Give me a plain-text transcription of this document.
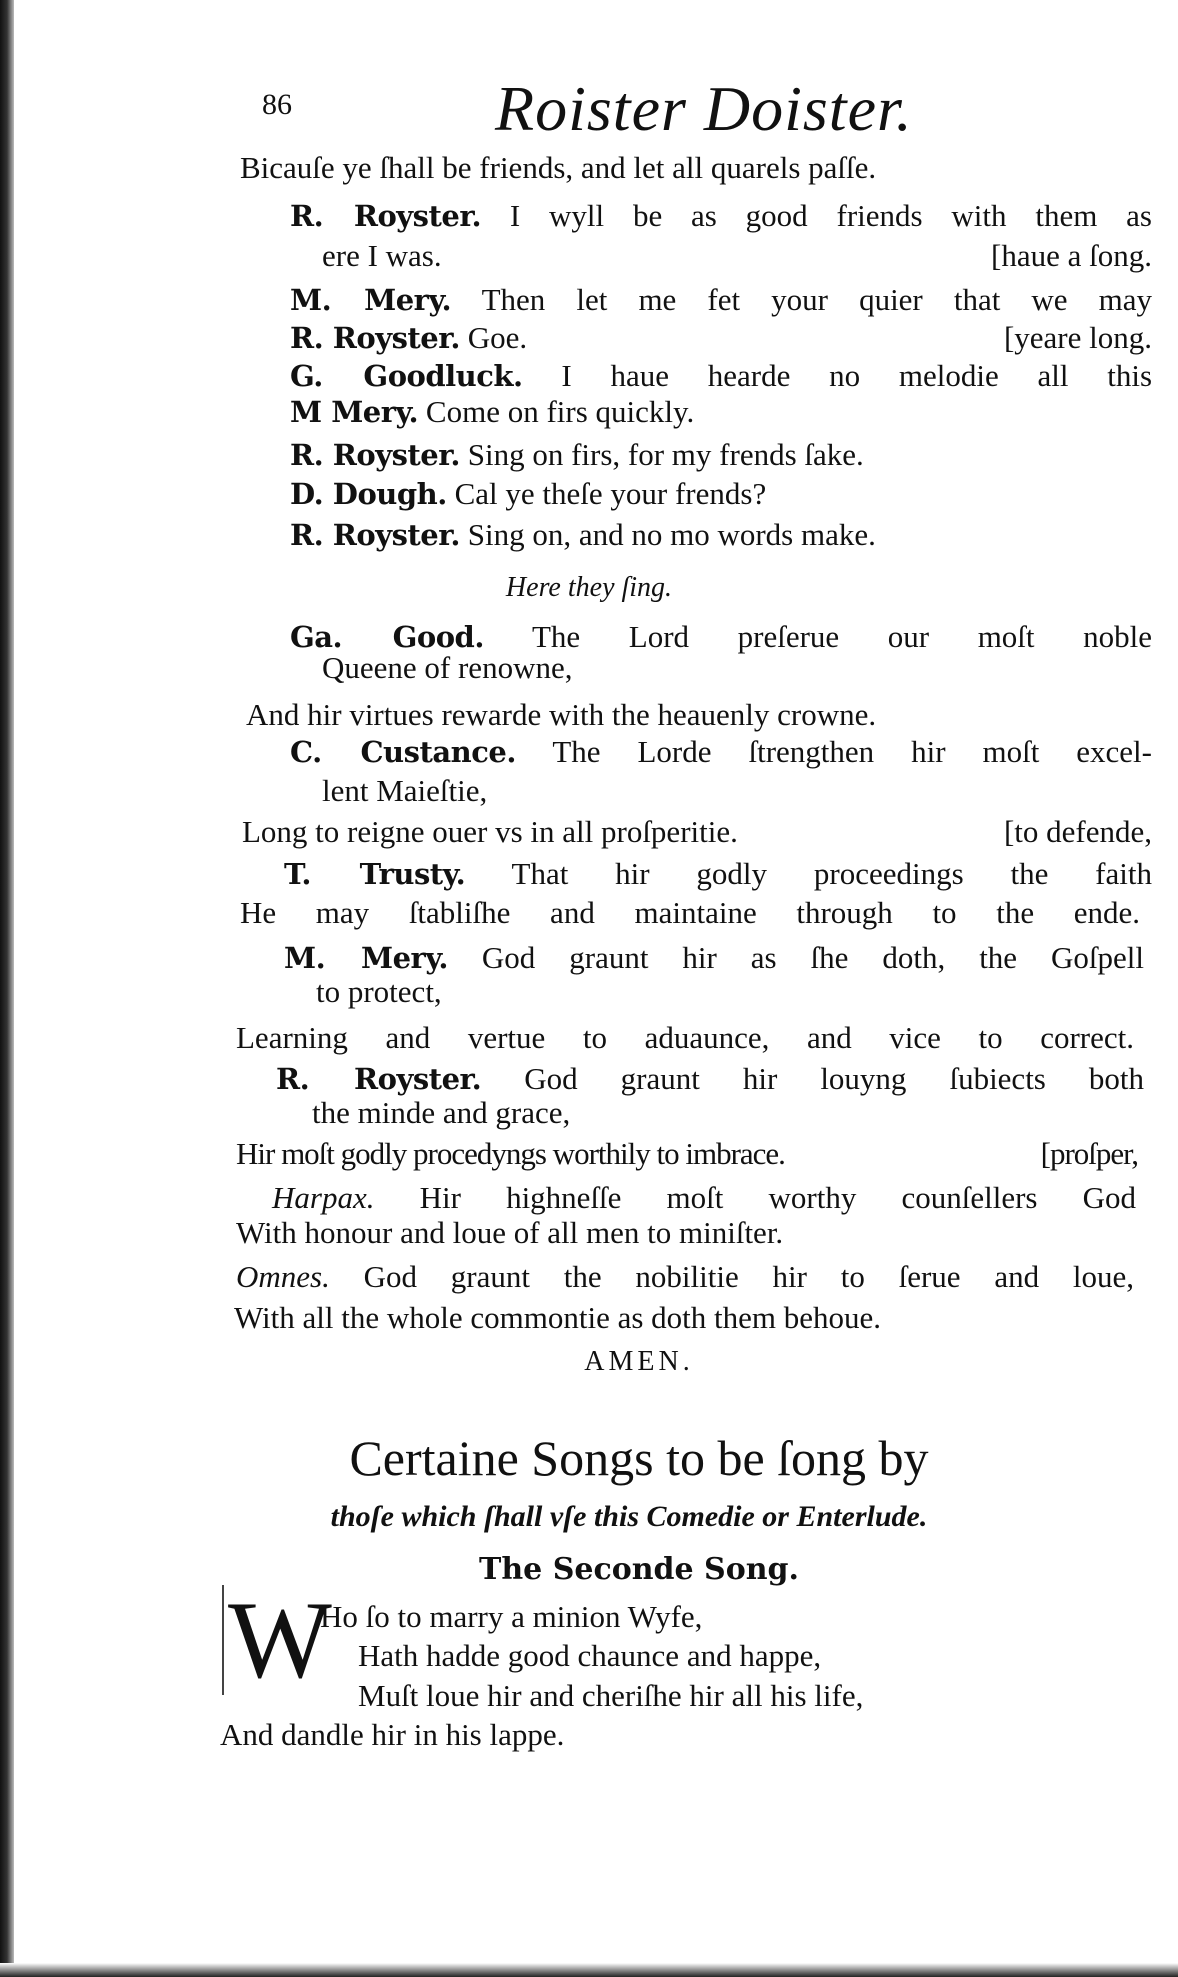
86	Roister Doister.
Bicauſe ye ſhall be friends, and let all quarels paſſe.
R. Royster. I wyll be as good friends with them as
ere I was.	[haue a ſong.
M. Mery. Then let me fet your quier that we may
R. Royster. Goe.	[yeare long.
G. Goodluck. I haue hearde no melodie all this
M Mery. Come on firs quickly.
R. Royster. Sing on firs, for my frends ſake.
D. Dough. Cal ye theſe your frends?
R. Royster. Sing on, and no mo words make.
Here they ſing.
Ga. Good. The Lord preſerue our moſt noble
Queene of renowne,
And hir virtues rewarde with the heauenly crowne.
C. Custance. The Lorde ſtrengthen hir moſt excel-
lent Maieſtie,
Long to reigne ouer vs in all proſperitie.	[to defende,
T. Trusty. That hir godly proceedings the faith
He may ſtabliſhe and maintaine through to the ende.
M. Mery. God graunt hir as ſhe doth, the Goſpell
to protect,
Learning and vertue to aduaunce, and vice to correct.
R. Royster. God graunt hir louyng ſubiects both
the minde and grace,
Hir moſt godly procedyngs worthily to imbrace.	[proſper,
Harpax. Hir highneſſe moſt worthy counſellers God
With honour and loue of all men to miniſter.
Omnes. God graunt the nobilitie hir to ſerue and loue,
With all the whole commontie as doth them behoue.
AMEN.
Certaine Songs to be ſong by
thoſe which ſhall vſe this Comedie or Enterlude.
The Seconde Song.
W
Ho ſo to marry a minion Wyfe,
Hath hadde good chaunce and happe,
Muſt loue hir and cheriſhe hir all his life,
And dandle hir in his lappe.
